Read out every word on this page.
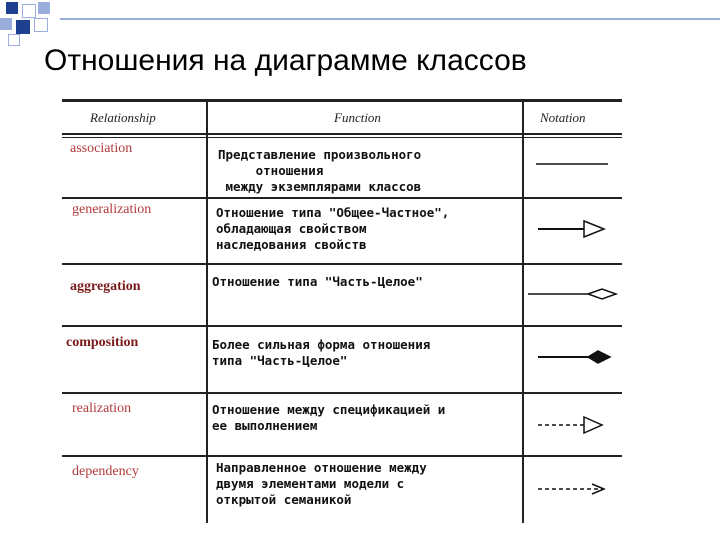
Отношения на диаграмме классов
Relationship	Function	Notation
association	Представление произвольного
отношения
между экземплярами классов
generalization	Отношение типа "Общее-Частное",
обладающая свойством
наследования свойств
aggregation	Отношение типа "Часть-Целое"
composition	Более сильная форма отношения
типа "Часть-Целое"
realization	Отношение между спецификацией и
ее выполнением
dependency	Направленное отношение между
двумя элементами модели с
открытой семаникой
